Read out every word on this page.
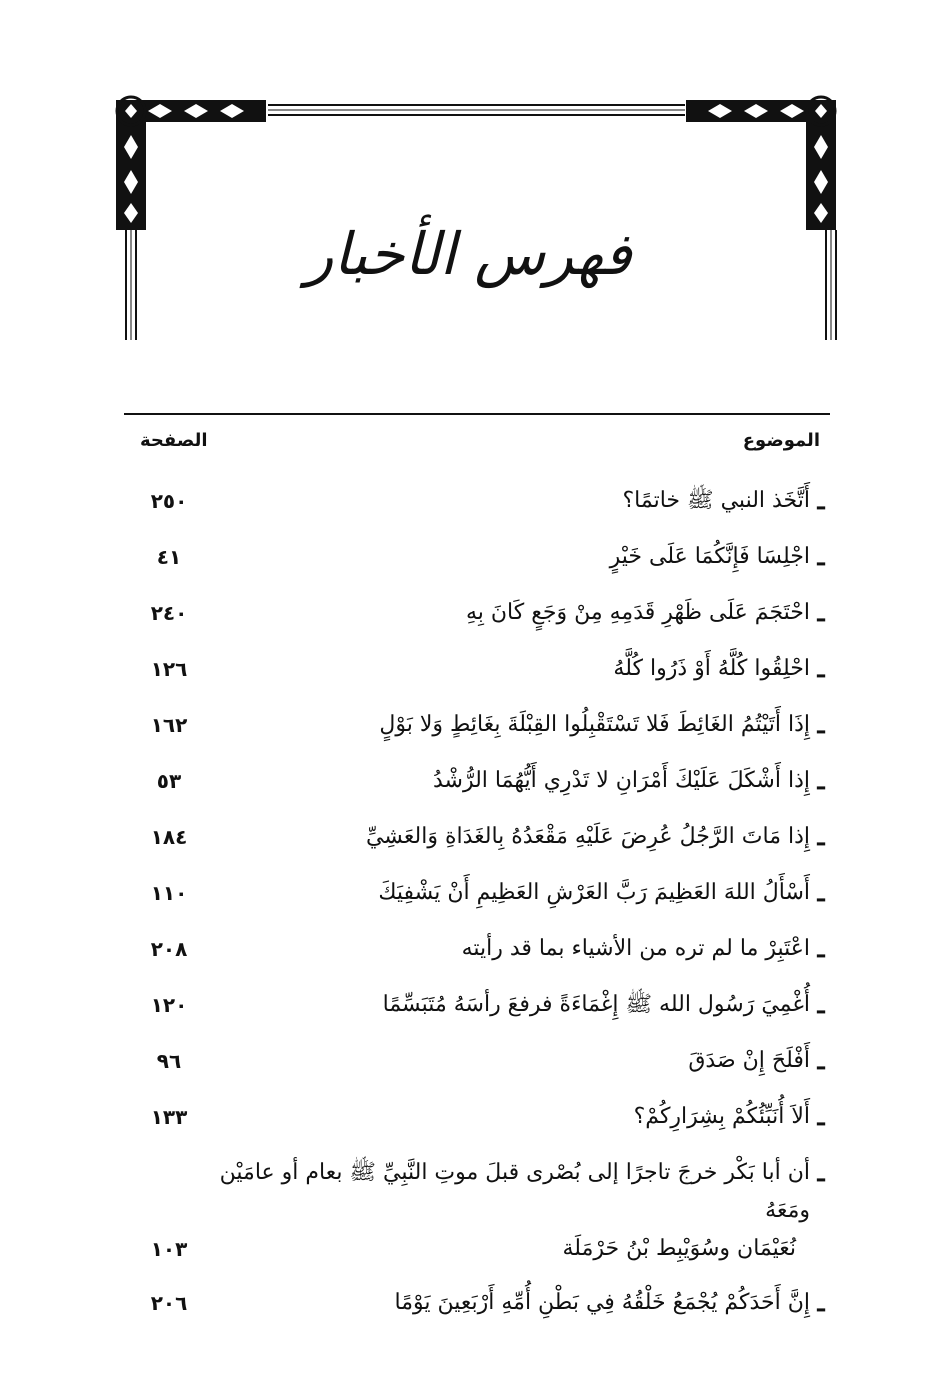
فهرس الأخبار
الموضوع
الصفحة
ـ
أَتَّخَذ النبي ﷺ خاتمًا؟
٢٥٠
ـ
اجْلِسَا فَإِنَّكُمَا عَلَى خَيْرٍ
٤١
ـ
احْتَجَمَ عَلَى ظَهْرِ قَدَمِهِ مِنْ وَجَعٍ كَانَ بِهِ
٢٤٠
ـ
احْلِقُوا كُلَّهُ أَوْ ذَرُوا كُلَّهُ
١٢٦
ـ
إِذَا أَتَيْتُمُ الغَائِطَ فَلا تَسْتَقْبِلُوا القِبْلَةَ بِغَائِطٍ وَلا بَوْلٍ
١٦٢
ـ
إِذا أَشْكَلَ عَلَيْكَ أَمْرَانِ لا تَدْرِي أَيُّهُمَا الرُّشْدُ
٥٣
ـ
إِذا مَاتَ الرَّجُلُ عُرِضَ عَلَيْهِ مَقْعَدُهُ بِالغَدَاةِ وَالعَشِيِّ
١٨٤
ـ
أَسْأَلُ اللهَ العَظِيمَ رَبَّ العَرْشِ العَظِيمِ أَنْ يَشْفِيَكَ
١١٠
ـ
اعْتَبِرْ ما لم تره من الأشياء بما قد رأيته
٢٠٨
ـ
أُغْمِيَ رَسُول الله ﷺ إِغْمَاءَةً فرفعَ رأسَهُ مُتَبَسِّمًا
١٢٠
ـ
أَفْلَحَ إِنْ صَدَقَ
٩٦
ـ
أَلاَ أُنَبِّئُكُمْ بِشِرَارِكُمْ؟
١٣٣
ـ
أن أبا بَكْر خرجَ تاجرًا إلى بُصْرى قبلَ موتِ النَّبِيِّ ﷺ بعام أو عامَيْن ومَعَهُ
نُعَيْمَان وسُوَيْبِط بْنُ حَرْمَلَة
١٠٣
ـ
إِنَّ أَحَدَكُمْ يُجْمَعُ خَلْقُهُ فِي بَطْنِ أُمِّهِ أَرْبَعِينَ يَوْمًا
٢٠٦
